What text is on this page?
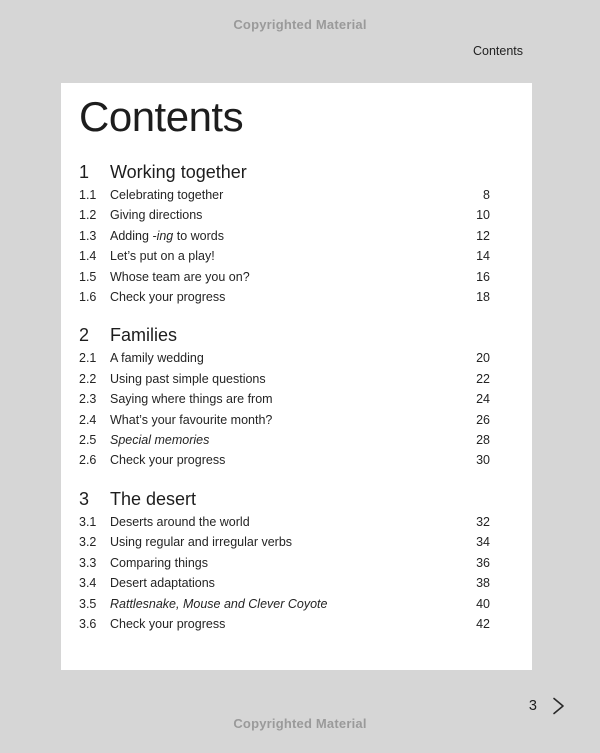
Copyrighted Material
Contents
Contents
1	Working together
1.1	Celebrating together	8
1.2	Giving directions	10
1.3	Adding -ing to words	12
1.4	Let’s put on a play!	14
1.5	Whose team are you on?	16
1.6	Check your progress	18
2	Families
2.1	A family wedding	20
2.2	Using past simple questions	22
2.3	Saying where things are from	24
2.4	What’s your favourite month?	26
2.5	Special memories	28
2.6	Check your progress	30
3	The desert
3.1	Deserts around the world	32
3.2	Using regular and irregular verbs	34
3.3	Comparing things	36
3.4	Desert adaptations	38
3.5	Rattlesnake, Mouse and Clever Coyote	40
3.6	Check your progress	42
3
Copyrighted Material
